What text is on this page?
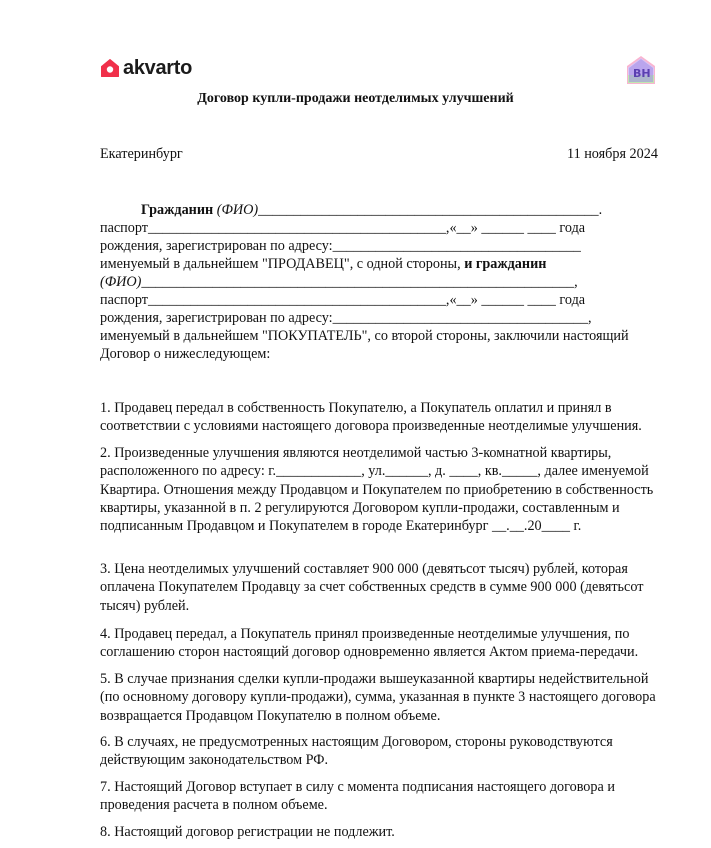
akvarto	BH
Договор купли-продажи неотделимых улучшений
Екатеринбург	11 ноября 2024
Гражданин (ФИО)________________________________________________.
паспорт__________________________________________,«__» ______ ____ года
рождения, зарегистрирован по адресу:___________________________________
именуемый в дальнейшем "ПРОДАВЕЦ", с одной стороны, и гражданин
(ФИО)_____________________________________________________________,
паспорт__________________________________________,«__» ______ ____ года
рождения, зарегистрирован по адресу:____________________________________,
именуемый в дальнейшем "ПОКУПАТЕЛЬ", со второй стороны, заключили настоящий
Договор о нижеследующем:
1. Продавец передал в собственность Покупателю, а Покупатель оплатил и принял в соответствии с условиями настоящего договора произведенные неотделимые улучшения.
2. Произведенные улучшения являются неотделимой частью 3-комнатной квартиры, расположенного по адресу: г.____________, ул.______, д. ____, кв._____, далее именуемой Квартира. Отношения между Продавцом и Покупателем по приобретению в собственность квартиры, указанной в п. 2 регулируются Договором купли-продажи, составленным и подписанным Продавцом и Покупателем в городе Екатеринбург __.__.20____ г.
3. Цена неотделимых улучшений составляет 900 000 (девятьсот тысяч) рублей, которая оплачена Покупателем Продавцу за счет собственных средств в сумме 900 000 (девятьсот тысяч) рублей.
4. Продавец передал, а Покупатель принял произведенные неотделимые улучшения, по соглашению сторон настоящий договор одновременно является Актом приема-передачи.
5. В случае признания сделки купли-продажи вышеуказанной квартиры недействительной (по основному договору купли-продажи), сумма, указанная в пункте 3 настоящего договора возвращается Продавцом Покупателю в полном объеме.
6. В случаях, не предусмотренных настоящим Договором, стороны руководствуются действующим законодательством РФ.
7. Настоящий Договор вступает в силу с момента подписания настоящего договора и проведения расчета в полном объеме.
8. Настоящий договор регистрации не подлежит.
